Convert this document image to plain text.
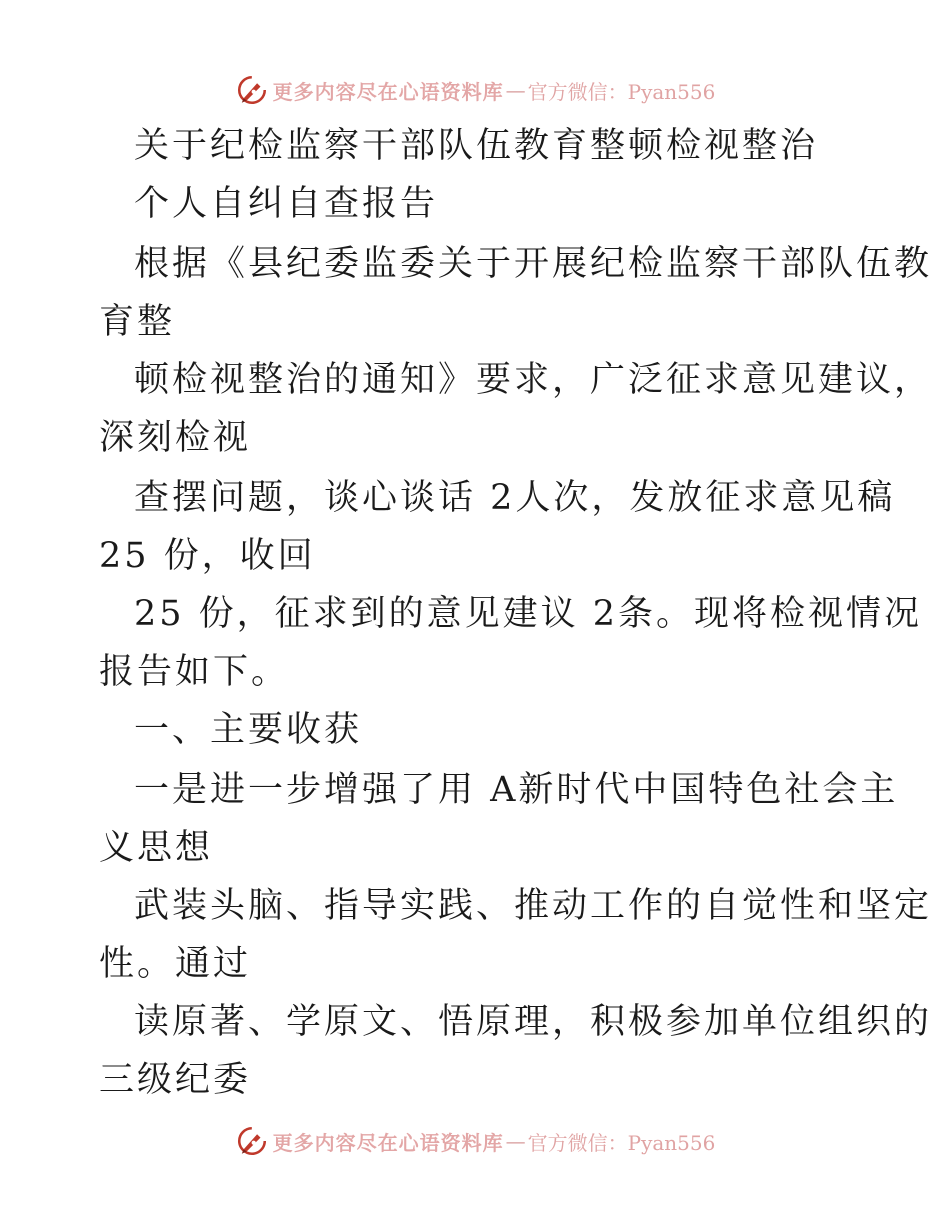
更多内容尽在心语资料库 — 官方微信：Pyan556
关于纪检监察干部队伍教育整顿检视整治
个人自纠自查报告
根据《县纪委监委关于开展纪检监察干部队伍教
育整
顿检视整治的通知》要求，广泛征求意见建议，
深刻检视
查摆问题，谈心谈话 2人次，发放征求意见稿
25 份，收回
25 份，征求到的意见建议 2条。现将检视情况
报告如下。
一、主要收获
一是进一步增强了用 A新时代中国特色社会主
义思想
武装头脑、指导实践、推动工作的自觉性和坚定
性。通过
读原著、学原文、悟原理，积极参加单位组织的
三级纪委
更多内容尽在心语资料库 — 官方微信：Pyan556
